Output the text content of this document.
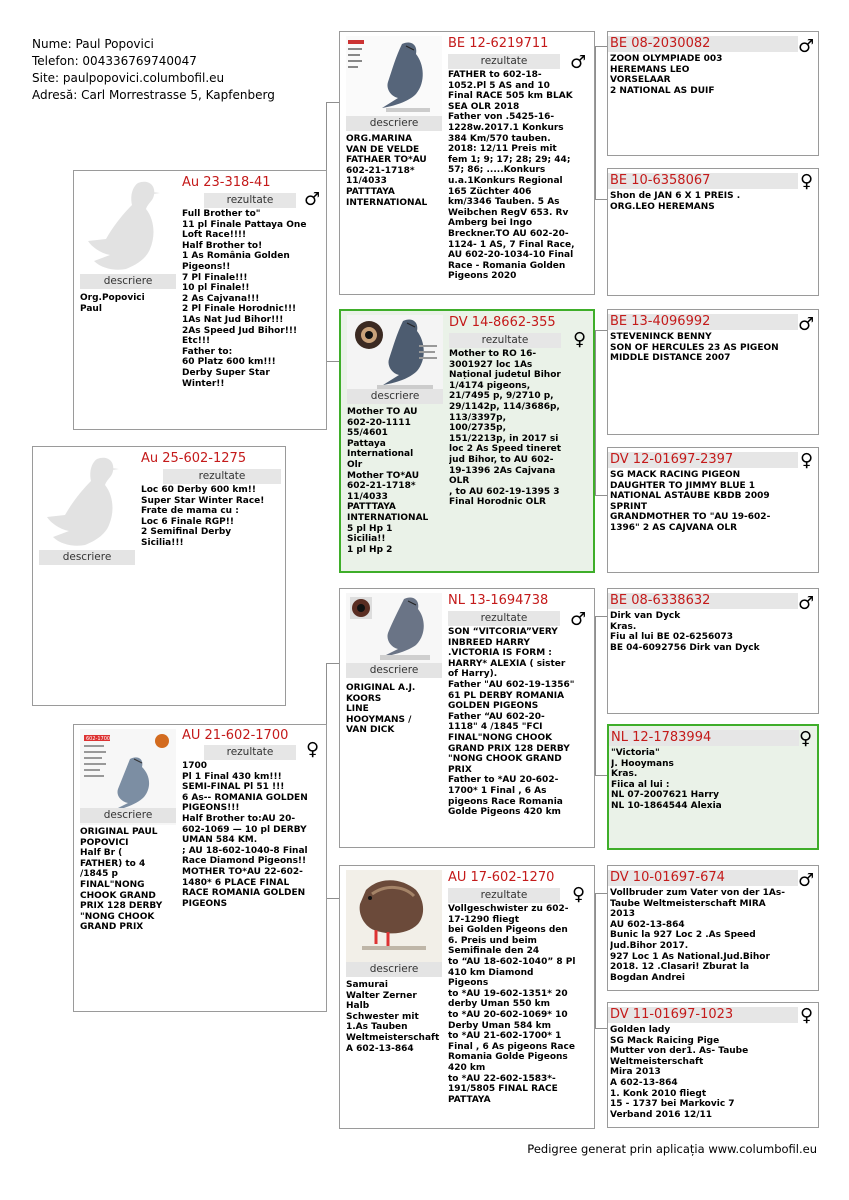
Nume: Paul Popovici
Telefon: 004336769740047
Site: paulpopovici.columbofil.eu
Adresă: Carl Morrestrasse 5, Kapfenberg
descriere
Au 23-318-41
rezultate	♂
Org.Popovici
Paul
Full Brother to"
11 pl Finale Pattaya One
Loft Race!!!!
Half Brother to!
1 As România Golden
Pigeons!!
7 Pl Finale!!!
10 pl Finale!!
2 As Cajvana!!!
2 Pl Finale Horodnic!!!
1As Nat Jud Bihor!!!
2As Speed Jud Bihor!!!
Etc!!!
Father to:
60 Platz 600 km!!!
Derby Super Star
Winter!!
descriere
Au 25-602-1275
rezultate
Loc 60 Derby 600 km!!
Super Star Winter Race!
Frate de mama cu :
Loc 6 Finale RGP!!
2 Semifinal Derby
Sicilia!!!
602-1700
descriere
AU 21-602-1700
rezultate	♀
ORIGINAL PAUL
POPOVICI
Half Br (
FATHER) to 4
/1845 p
FINAL"NONG
CHOOK GRAND
PRIX 128 DERBY
"NONG CHOOK
GRAND PRIX
1700
Pl 1 Final 430 km!!!
SEMI-FINAL Pl 51 !!!
6 As-- ROMANIA GOLDEN
PIGEONS!!!
Half Brother to:AU 20-
602-1069 — 10 pl DERBY
UMAN 584 KM.
; AU 18-602-1040-8 Final
Race Diamond Pigeons!!
MOTHER TO*AU 22-602-
1480* 6 PLACE FINAL
RACE ROMANIA GOLDEN
PIGEONS
descriere
BE 12-6219711
rezultate	♂
ORG.MARINA
VAN DE VELDE
FATHAER TO*AU
602-21-1718*
11/4033
PATTTAYA
INTERNATIONAL
FATHER to 602-18-
1052.Pl 5 AS and 10
Final RACE 505 km BLAK
SEA OLR 2018
Father von .5425-16-
1228w.2017.1 Konkurs
384 Km/570 tauben.
2018: 12/11 Preis mit
fem 1; 9; 17; 28; 29; 44;
57; 86; .....Konkurs
u.a.1Konkurs Regional
165 Züchter 406
km/3346 Tauben. 5 As
Weibchen RegV 653. Rv
Amberg bei Ingo
Breckner.TO AU 602-20-
1124- 1 AS, 7 Final Race,
AU 602-20-1034-10 Final
Race - Romania Golden
Pigeons 2020
descriere
DV 14-8662-355
rezultate	♀
Mother TO AU
602-20-1111
55/4601
Pattaya
International
Olr
Mother TO*AU
602-21-1718*
11/4033
PATTTAYA
INTERNATIONAL
5 pl Hp 1
Sicilia!!
1 pl Hp 2
Mother to RO 16-
3001927 loc 1As
Național judetul Bihor
1/4174 pigeons,
21/7495 p, 9/2710 p,
29/1142p, 114/3686p,
113/3397p,
100/2735p,
151/2213p, in 2017 si
loc 2 As Speed tineret
jud Bihor, to AU 602-
19-1396 2As Cajvana
OLR
, to AU 602-19-1395 3
Final Horodnic OLR
descriere
NL 13-1694738
rezultate	♂
ORIGINAL A.J.
KOORS
LINE
HOOYMANS /
VAN DICK
SON “VITCORIA”VERY
INBREED HARRY
.VICTORIA IS FORM :
HARRY* ALEXIA ( sister
of Harry).
Father "AU 602-19-1356"
61 PL DERBY ROMANIA
GOLDEN PIGEONS
Father “AU 602-20-
1118" 4 /1845 "FCI
FINAL"NONG CHOOK
GRAND PRIX 128 DERBY
"NONG CHOOK GRAND
PRIX
Father to *AU 20-602-
1700* 1 Final , 6 As
pigeons Race Romania
Golde Pigeons 420 km
descriere
AU 17-602-1270
rezultate	♀
Samurai
Walter Zerner
Halb
Schwester mit
1.As Tauben
Weltmeisterschaft
A 602-13-864
Vollgeschwister zu 602-
17-1290 fliegt
bei Golden Pigeons den
6. Preis und beim
Semifinale den 24
to “AU 18-602-1040” 8 Pl
410 km Diamond
Pigeons
to *AU 19-602-1351* 20
derby Uman 550 km
to *AU 20-602-1069* 10
Derby Uman 584 km
to *AU 21-602-1700* 1
Final , 6 As pigeons Race
Romania Golde Pigeons
420 km
to *AU 22-602-1583*-
191/5805 FINAL RACE
PATTAYA
BE 08-2030082	♂
ZOON OLYMPIADE 003
HEREMANS LEO
VORSELAAR
2 NATIONAL AS DUIF
BE 10-6358067	♀
Shon de JAN 6 X 1 PREIS .
ORG.LEO HEREMANS
BE 13-4096992	♂
STEVENINCK BENNY
SON OF HERCULES 23 AS PIGEON
MIDDLE DISTANCE 2007
DV 12-01697-2397	♀
SG MACK RACING PIGEON
DAUGHTER TO JIMMY BLUE 1
NATIONAL ASTAUBE KBDB 2009
SPRINT
GRANDMOTHER TO "AU 19-602-
1396" 2 AS CAJVANA OLR
BE 08-6338632	♂
Dirk van Dyck
Kras.
Fiu al lui BE 02-6256073
BE 04-6092756 Dirk van Dyck
NL 12-1783994	♀
"Victoria"
J. Hooymans
Kras.
Fiica al lui :
NL 07-2007621 Harry
NL 10-1864544 Alexia
DV 10-01697-674	♂
Vollbruder zum Vater von der 1As-
Taube Weltmeisterschaft MIRA
2013
AU 602-13-864
Bunic la 927 Loc 2 .As Speed
Jud.Bihor 2017.
927 Loc 1 As National.Jud.Bihor
2018. 12 .Clasari! Zburat la
Bogdan Andrei
DV 11-01697-1023	♀
Golden lady
SG Mack Raicing Pige
Mutter von der1. As- Taube
Weltmeisterschaft
Mira 2013
A 602-13-864
1. Konk 2010 fliegt
15 - 1737 bei Markovic 7
Verband 2016 12/11
Pedigree generat prin aplicația www.columbofil.eu
